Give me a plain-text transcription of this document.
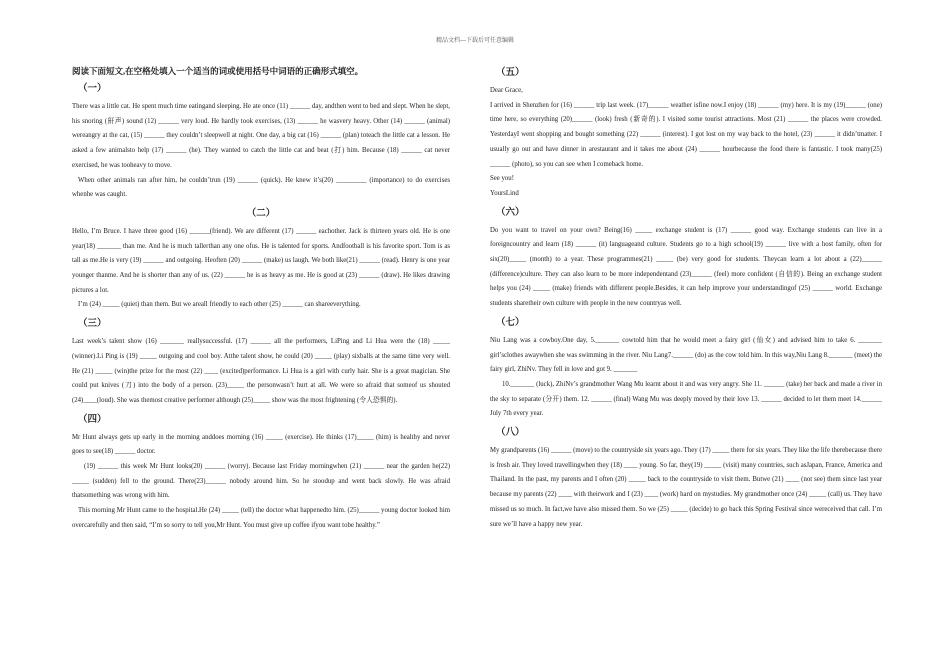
精品文档---下载后可任意编辑
阅读下面短文,在空格处填入一个适当的词或使用括号中词语的正确形式填空。
（一）

There was a little cat. He spent much time eatingand sleeping. He ate once (11) ______ day, andthen went to bed and slept. When he slept, his snoring (鼾声) sound (12) ______ very loud. He hardly took exercises, (13) ______ he wasvery heavy. Other (14) ______ (animal) wereangry at the cat, (15) ______ they couldn’t sleepwell at night. One day, a big cat (16) ______ (plan) toteach the little cat a lesson. He asked a few animalsto help (17) ______ (he). They wanted to catch the little cat and beat (打) him. Because (18) ______ cat never exercised, he was tooheavy to move.

When other animals ran after him, he couldn’trun (19) ______ (quick). He knew it’s(20) _________ (importance) to do exercises whenhe was caught.

（二）

Hello, I’m Bruce. I have three good (16) ______(friend). We are different (17) ______ eachother. Jack is thirteen years old. He is one year(18) _______ than me. And he is much tallerthan any one ofus. He is talented for sports. Andfootball is his favorite sport. Tom is as tall as me.He is very (19) ______ and outgoing. Heoften (20) ______ (make) us laugh. We both like(21) ______ (read). Henry is one year younger thanme. And he is shorter than any of us. (22) ______ he is as heavy as me. He is good at (23) ______ (draw). He likes drawing pictures a lot.

I’m (24) _____ (quiet) than them. But we areall friendly to each other (25) ______ can shareeverything.

（三）

Last week’s talent show (16) _______ reallysuccessful. (17) ______ all the performers, LiPing and Li Hua were the (18) _____ (winner).Li Ping is (19) _____ outgoing and cool boy. Atthe talent show, he could (20) _____ (play) sixballs at the same time very well. He (21) _____ (win)the prize for the most (22) ____ (excited)performance. Li Hua is a girl with curly hair. She is a great magician. She could put knives (刀) into the body of a person. (23)_____ the personwasn’t hurt at all. We were so afraid that someof us shouted (24)____(loud). She was themost creative performer although (25)_____ show was the most frightening (令人恐惧的).

（四）

Mr Hunt always gets up early in the morning anddoes morning (16) _____ (exercise). He thinks (17)_____ (him) is healthy and never goes to see(18) ______ doctor.

(19) ______ this week Mr Hunt looks(20) ______ (worry). Because last Friday morningwhen (21) ______ near the garden he(22) _____ (sudden) fell to the ground. There(23)______ nobody around him. So he stoodup and went back slowly. He was afraid thatsomething was wrong with him.

This morning Mr Hunt came to the hospital.He (24) _____ (tell) the doctor what happenedto him. (25)______ young doctor looked him overcarefully and then said, “I’m so sorry to tell you,Mr Hunt. You must give up coffee ifyou want tobe healthy.”

（五）

Dear Grace,

I arrived in Shenzhen for (16) ______ trip last week. (17)______ weather isfine now.I enjoy (18) ______ (my) here. It is my (19)______ (one) time here, so everything (20)______ (look) fresh (新奇的). I visited some tourist attractions. Most (21) ______ the places were crowded. YesterdayI went shopping and bought something (22) ______ (interest). I got lost on my way back to the hotel, (23) ______ it didn’tmatter. I usually go out and have dinner in arestaurant and it takes me about (24) ______ hourbecause the food there is fantastic. I took many(25) ______ (photo), so you can see when I comeback home.

See you!

YoursLind

（六）

Do you want to travel on your own? Being(16) _____ exchange student is (17) ______ good way. Exchange students can live in a foreigncountry and learn (18) ______ (it) languageand culture. Students go to a high school(19) ______ live with a host family, often for six(20)_____ (month) to a year. These programmes(21) _____ (be) very good for students. Theycan learn a lot about a (22)______ (difference)culture. They can also learn to be more independentand (23)______ (feel) more confident (自信的). Being an exchange student helps you (24) _____ (make) friends with different people.Besides, it can help improve your understandingof (25) ______ world. Exchange students sharetheir own culture with people in the new countryas well.

（七）

Niu Lang was a cowboy.One day, 5._______ cowtold him that he would meet a fairy girl (仙女) and advised him to take 6. _______ girl’sclothes awaywhen she was swimming in the river. Niu Lang7.______ (do) as the cow told him. In this way,Niu Lang 8._______ (meet) the fairy girl, ZhiNv. They fell in love and got 9. _______

10._______ (luck), ZhiNv’s grandmother Wang Mu learnt about it and was very angry. She 11. ______ (take) her back and made a river in the sky to separate (分开) them. 12. ______ (final) Wang Mu was deeply moved by their love 13. ______ decided to let them meet 14.______ July 7th every year.

（八）

My grandparents (16) ______ (move) to the countryside six years ago. They (17) _____ there for six years. They like the life therebecause there is fresh air. They loved travellingwhen they (18) ____ young. So far, they(19) _____ (visit) many countries, such asJapan, France, America and Thailand. In the past, my parents and I often (20) _____ back to the countryside to visit them. Butwe (21) ____ (not see) them since last year because my parents (22) ____ with theirwork and I (23) ____ (work) hard on mystudies. My grandmother once (24) _____ (call) us. They have missed us so much. In fact,we have also missed them. So we (25) _____ (decide) to go back this Spring Festival since wereceived that call. I’m sure we’ll have a happy new year.
